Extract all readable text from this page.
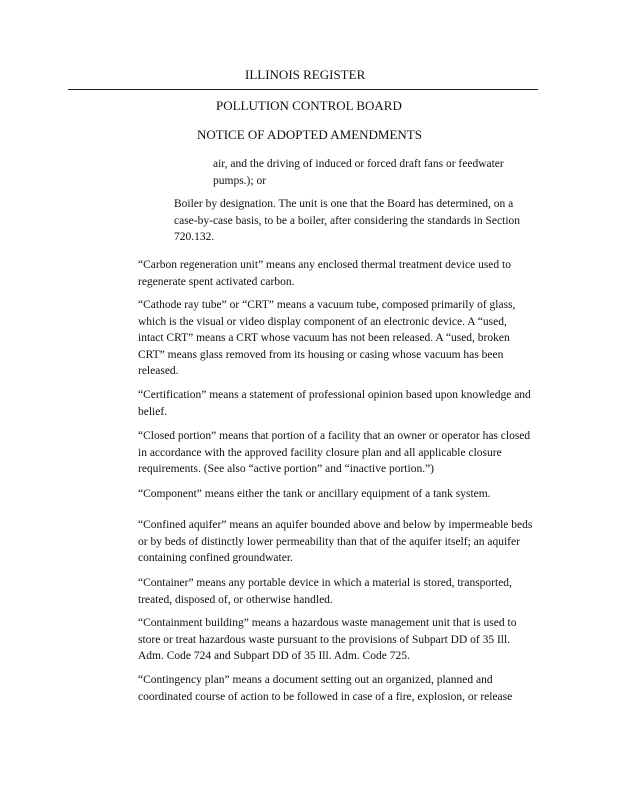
ILLINOIS REGISTER
POLLUTION CONTROL BOARD
NOTICE OF ADOPTED AMENDMENTS
air, and the driving of induced or forced draft fans or feedwater pumps.); or
Boiler by designation. The unit is one that the Board has determined, on a case-by-case basis, to be a boiler, after considering the standards in Section 720.132.
“Carbon regeneration unit” means any enclosed thermal treatment device used to regenerate spent activated carbon.
“Cathode ray tube” or “CRT” means a vacuum tube, composed primarily of glass, which is the visual or video display component of an electronic device. A “used, intact CRT” means a CRT whose vacuum has not been released. A “used, broken CRT” means glass removed from its housing or casing whose vacuum has been released.
“Certification” means a statement of professional opinion based upon knowledge and belief.
“Closed portion” means that portion of a facility that an owner or operator has closed in accordance with the approved facility closure plan and all applicable closure requirements. (See also “active portion” and “inactive portion.”)
“Component” means either the tank or ancillary equipment of a tank system.
“Confined aquifer” means an aquifer bounded above and below by impermeable beds or by beds of distinctly lower permeability than that of the aquifer itself; an aquifer containing confined groundwater.
“Container” means any portable device in which a material is stored, transported, treated, disposed of, or otherwise handled.
“Containment building” means a hazardous waste management unit that is used to store or treat hazardous waste pursuant to the provisions of Subpart DD of 35 Ill. Adm. Code 724 and Subpart DD of 35 Ill. Adm. Code 725.
“Contingency plan” means a document setting out an organized, planned and coordinated course of action to be followed in case of a fire, explosion, or release
